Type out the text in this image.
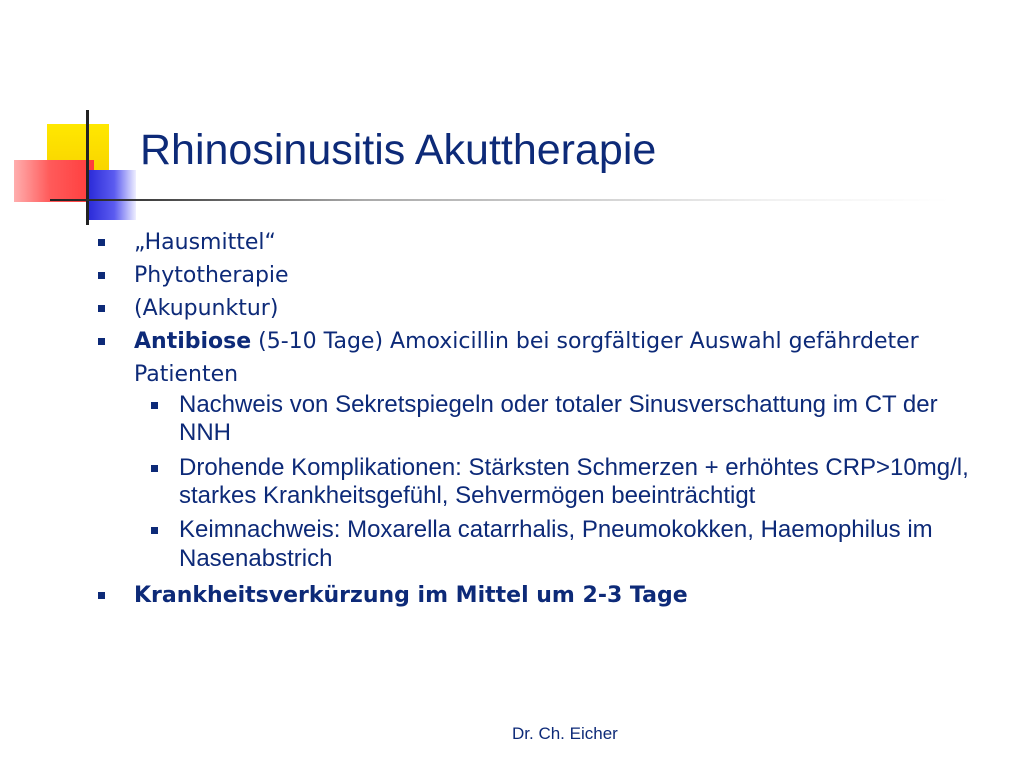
Rhinosinusitis Akuttherapie
„Hausmittel“
Phytotherapie
(Akupunktur)
Antibiose (5-10 Tage) Amoxicillin bei sorgfältiger Auswahl gefährdeter Patienten
Nachweis von Sekretspiegeln oder totaler Sinusverschattung im CT der NNH
Drohende Komplikationen: Stärksten Schmerzen + erhöhtes CRP>10mg/l, starkes Krankheitsgefühl, Sehvermögen beeinträchtigt
Keimnachweis: Moxarella catarrhalis, Pneumokokken, Haemophilus im Nasenabstrich
Krankheitsverkürzung im Mittel um 2-3 Tage
Dr. Ch. Eicher
